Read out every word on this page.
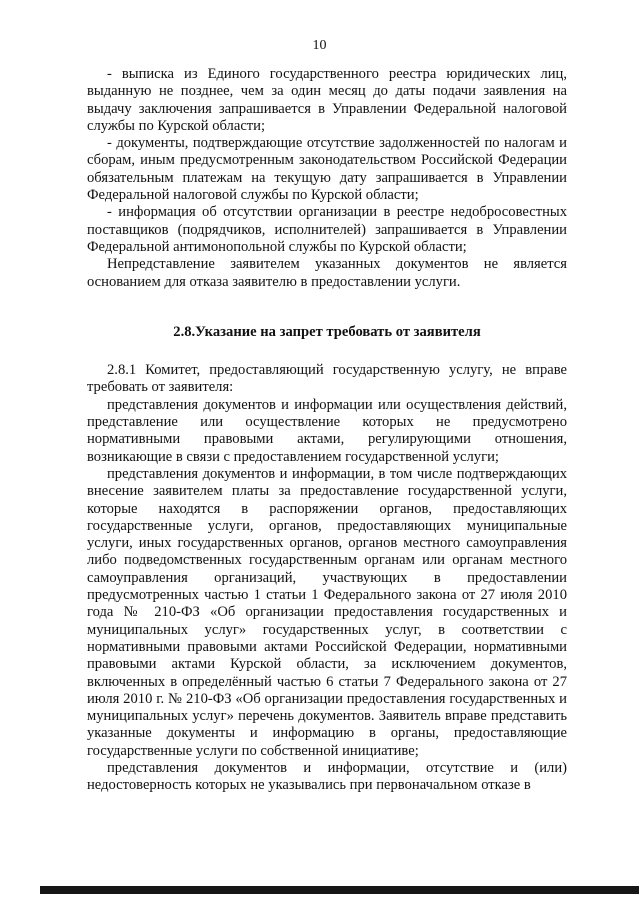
10

- выписка из Единого государственного реестра юридических лиц, выданную не позднее, чем за один месяц до даты подачи заявления на выдачу заключения запрашивается в Управлении Федеральной налоговой службы по Курской области;

- документы, подтверждающие отсутствие задолженностей по налогам и сборам, иным предусмотренным законодательством Российской Федерации обязательным платежам на текущую дату запрашивается в Управлении Федеральной налоговой службы по Курской области;

- информация об отсутствии организации в реестре недобросовестных поставщиков (подрядчиков, исполнителей) запрашивается в Управлении Федеральной антимонопольной службы по Курской области;

Непредставление заявителем указанных документов не является основанием для отказа заявителю в предоставлении услуги.

2.8.Указание на запрет требовать от заявителя

2.8.1 Комитет, предоставляющий государственную услугу, не вправе требовать от заявителя:

представления документов и информации или осуществления действий, представление или осуществление которых не предусмотрено нормативными правовыми актами, регулирующими отношения, возникающие в связи с предоставлением государственной услуги;

представления документов и информации, в том числе подтверждающих внесение заявителем платы за предоставление государственной услуги, которые находятся в распоряжении органов, предоставляющих государственные услуги, органов, предоставляющих муниципальные услуги, иных государственных органов, органов местного самоуправления либо подведомственных государственным органам или органам местного самоуправления организаций, участвующих в предоставлении предусмотренных частью 1 статьи 1 Федерального закона от 27 июля 2010 года № 210-ФЗ «Об организации предоставления государственных и муниципальных услуг» государственных услуг, в соответствии с нормативными правовыми актами Российской Федерации, нормативными правовыми актами Курской области, за исключением документов, включенных в определённый частью 6 статьи 7 Федерального закона от 27 июля 2010 г. № 210-ФЗ «Об организации предоставления государственных и муниципальных услуг» перечень документов. Заявитель вправе представить указанные документы и информацию в органы, предоставляющие государственные услуги по собственной инициативе;

представления документов и информации, отсутствие и (или) недостоверность которых не указывались при первоначальном отказе в
